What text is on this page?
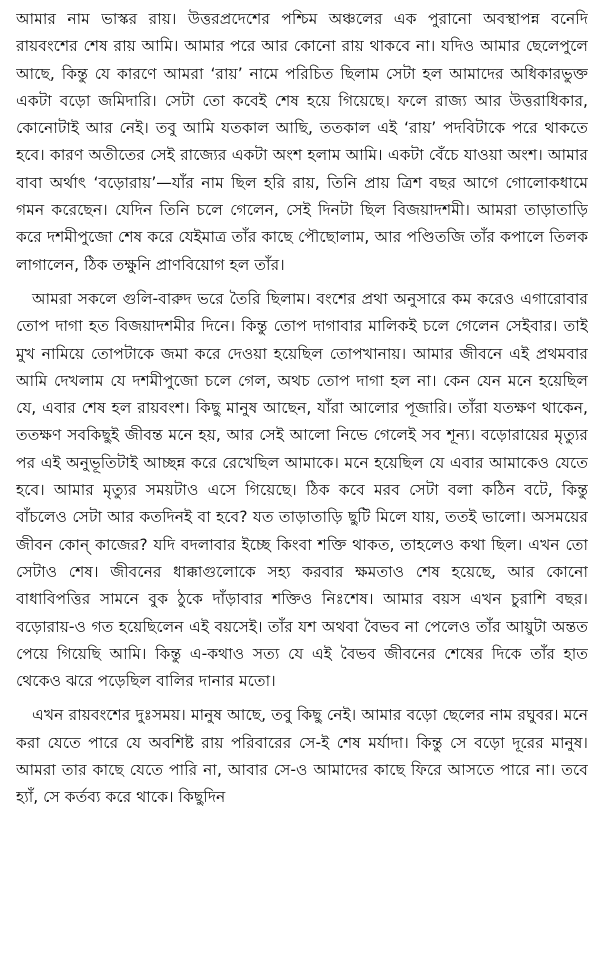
আমার নাম ভাস্কর রায়। উত্তরপ্রদেশের পশ্চিম অঞ্চলের এক পুরানো অবস্থাপন্ন বনেদি রায়বংশের শেষ রায় আমি। আমার পরে আর কোনো রায় থাকবে না। যদিও আমার ছেলেপুলে আছে, কিন্তু যে কারণে আমরা ‘রায়’ নামে পরিচিত ছিলাম সেটা হল আমাদের অধিকারভুক্ত একটা বড়ো জমিদারি। সেটা তো কবেই শেষ হয়ে গিয়েছে। ফলে রাজ্য আর উত্তরাধিকার, কোনোটাই আর নেই। তবু আমি যতকাল আছি, ততকাল এই ‘রায়’ পদবিটাকে পরে থাকতে হবে। কারণ অতীতের সেই রাজ্যের একটা অংশ হলাম আমি। একটা বেঁচে যাওয়া অংশ। আমার বাবা অর্থাৎ ‘বড়োরায়’—যাঁর নাম ছিল হরি রায়, তিনি প্রায় ত্রিশ বছর আগে গোলোকধামে গমন করেছেন। যেদিন তিনি চলে গেলেন, সেই দিনটা ছিল বিজয়াদশমী। আমরা তাড়াতাড়ি করে দশমীপুজো শেষ করে যেইমাত্র তাঁর কাছে পৌছোলাম, আর পণ্ডিতজি তাঁর কপালে তিলক লাগালেন, ঠিক তক্ষুনি প্রাণবিয়োগ হল তাঁর।

আমরা সকলে গুলি-বারুদ ভরে তৈরি ছিলাম। বংশের প্রথা অনুসারে কম করেও এগারোবার তোপ দাগা হত বিজয়াদশমীর দিনে। কিন্তু তোপ দাগাবার মালিকই চলে গেলেন সেইবার। তাই মুখ নামিয়ে তোপটাকে জমা করে দেওয়া হয়েছিল তোপখানায়। আমার জীবনে এই প্রথমবার আমি দেখলাম যে দশমীপুজো চলে গেল, অথচ তোপ দাগা হল না। কেন যেন মনে হয়েছিল যে, এবার শেষ হল রায়বংশ। কিছু মানুষ আছেন, যাঁরা আলোর পূজারি। তাঁরা যতক্ষণ থাকেন, ততক্ষণ সবকিছুই জীবন্ত মনে হয়, আর সেই আলো নিভে গেলেই সব শূন্য। বড়োরায়ের মৃত্যুর পর এই অনুভূতিটাই আচ্ছন্ন করে রেখেছিল আমাকে। মনে হয়েছিল যে এবার আমাকেও যেতে হবে। আমার মৃত্যুর সময়টাও এসে গিয়েছে। ঠিক কবে মরব সেটা বলা কঠিন বটে, কিন্তু বাঁচলেও সেটা আর কতদিনই বা হবে? যত তাড়াতাড়ি ছুটি মিলে যায়, ততই ভালো। অসময়ের জীবন কোন্‌ কাজের? যদি বদলাবার ইচ্ছে কিংবা শক্তি থাকত, তাহলেও কথা ছিল। এখন তো সেটাও শেষ। জীবনের ধাক্কাগুলোকে সহ্য করবার ক্ষমতাও শেষ হয়েছে, আর কোনো বাধাবিপত্তির সামনে বুক ঠুকে দাঁড়াবার শক্তিও নিঃশেষ। আমার বয়স এখন চুরাশি বছর। বড়োরায়-ও গত হয়েছিলেন এই বয়সেই। তাঁর যশ অথবা বৈভব না পেলেও তাঁর আয়ুটা অন্তত পেয়ে গিয়েছি আমি। কিন্তু এ-কথাও সত্য যে এই বৈভব জীবনের শেষের দিকে তাঁর হাত থেকেও ঝরে পড়েছিল বালির দানার মতো।

এখন রায়বংশের দুঃসময়। মানুষ আছে, তবু কিছু নেই। আমার বড়ো ছেলের নাম রঘুবর। মনে করা যেতে পারে যে অবশিষ্ট রায় পরিবারের সে-ই শেষ মর্যাদা। কিন্তু সে বড়ো দূরের মানুষ। আমরা তার কাছে যেতে পারি না, আবার সে-ও আমাদের কাছে ফিরে আসতে পারে না। তবে হ্যাঁ, সে কর্তব্য করে থাকে। কিছুদিন
